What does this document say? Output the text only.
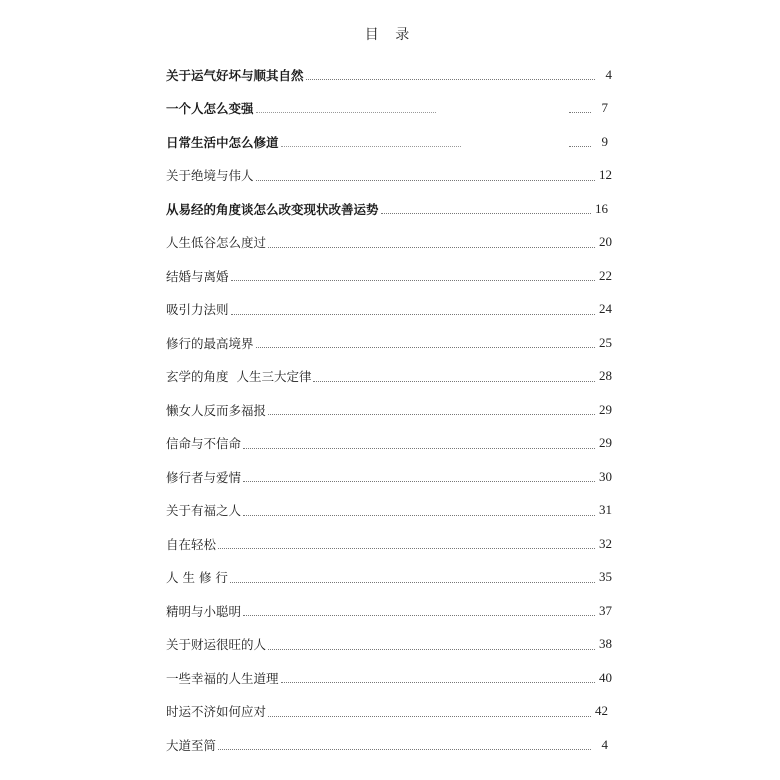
目 录
关于运气好坏与顺其自然	4
一个人怎么变强	7
日常生活中怎么修道	9
关于绝境与伟人	12
从易经的角度谈怎么改变现状改善运势	16
人生低谷怎么度过	20
结婚与离婚	22
吸引力法则	24
修行的最高境界	25
玄学的角度  人生三大定律	28
懒女人反而多福报	29
信命与不信命	29
修行者与爱情	30
关于有福之人	31
自在轻松	32
人 生 修 行	35
精明与小聪明	37
关于财运很旺的人	38
一些幸福的人生道理	40
时运不济如何应对	42
大道至简	4
